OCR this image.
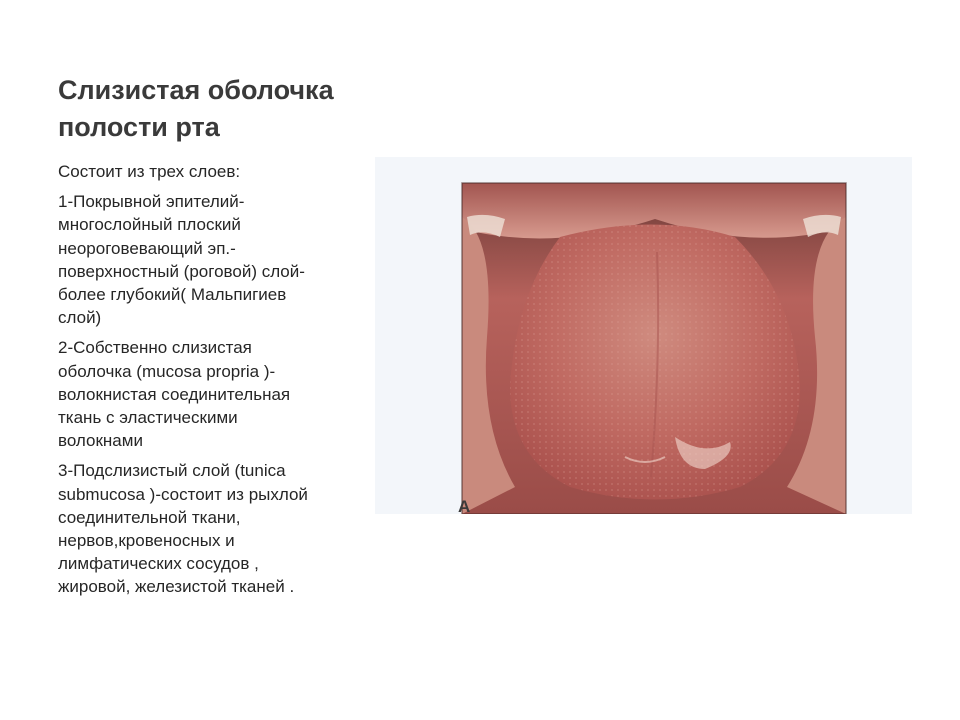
Слизистая оболочка
полости рта
Состоит из трех слоев:
1-Покрывной эпителий-
многослойный плоский
неороговевающий эп.-
поверхностный (роговой) слой-
более глубокий( Мальпигиев
слой)
2-Собственно слизистая
оболочка (mucosa propria )-
волокнистая соединительная
ткань с эластическими
волокнами
3-Подслизистый слой (tunica
submucosa )-состоит из рыхлой
соединительной ткани,
нервов,кровеносных и
лимфатических сосудов ,
жировой, железистой тканей .
A
